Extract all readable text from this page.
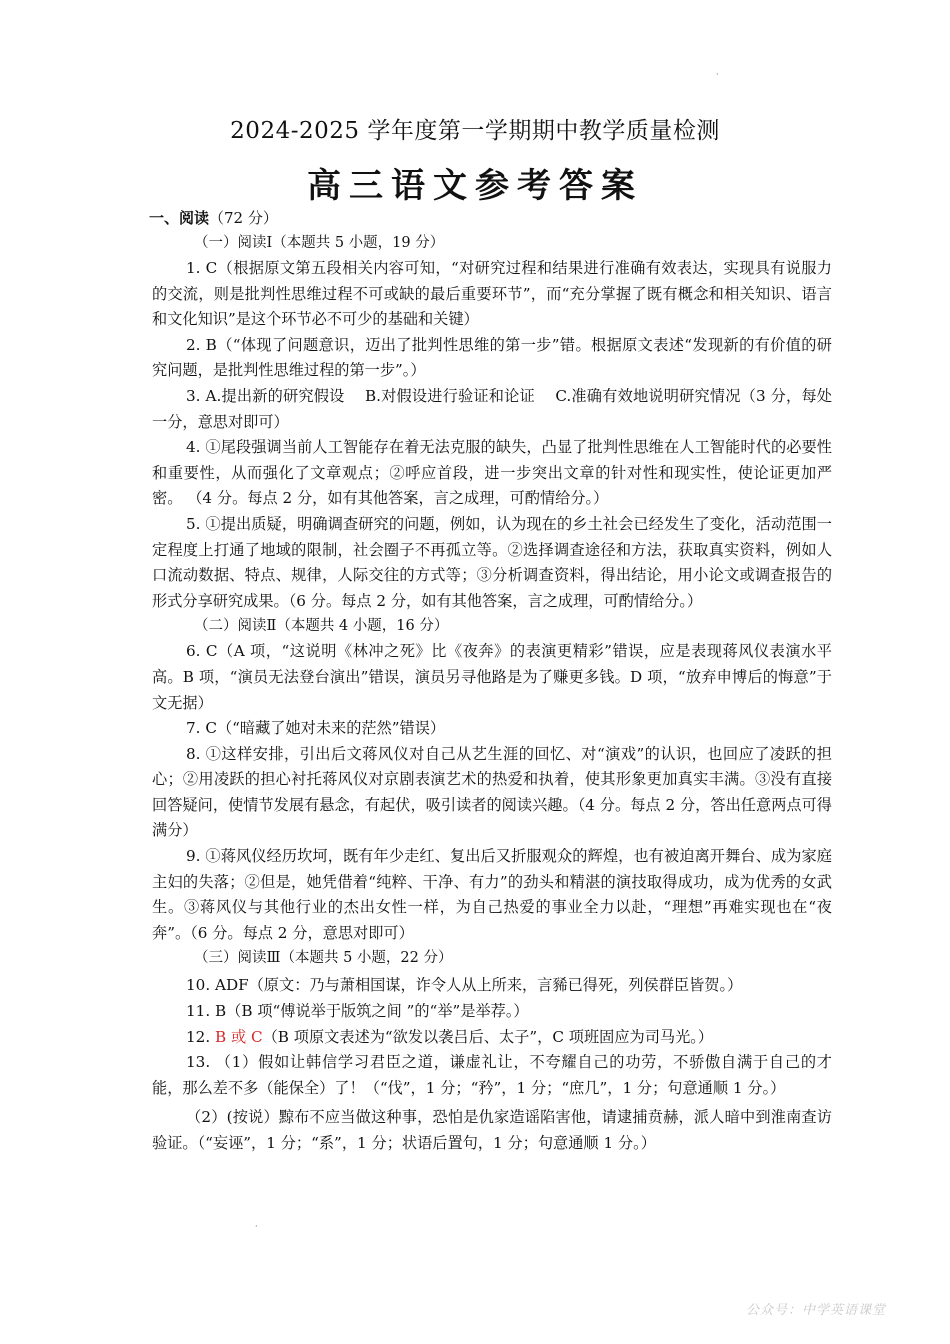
·
2024-2025 学年度第一学期期中教学质量检测
高三语文参考答案
一、阅读（72 分）
（一）阅读Ⅰ（本题共 5 小题，19 分）

1. C（根据原文第五段相关内容可知，“对研究过程和结果进行准确有效表达，实现具有说服力的交流，则是批判性思维过程不可或缺的最后重要环节”，而“充分掌握了既有概念和相关知识、语言和文化知识”是这个环节必不可少的基础和关键）

2. B（“体现了问题意识，迈出了批判性思维的第一步”错。根据原文表述“发现新的有价值的研究问题，是批判性思维过程的第一步”。）

3. A.提出新的研究假设　 B.对假设进行验证和论证　 C.准确有效地说明研究情况（3 分，每处一分，意思对即可）

4. ①尾段强调当前人工智能存在着无法克服的缺失，凸显了批判性思维在人工智能时代的必要性和重要性，从而强化了文章观点；②呼应首段，进一步突出文章的针对性和现实性，使论证更加严密。 （4 分。每点 2 分，如有其他答案，言之成理，可酌情给分。）

5. ①提出质疑，明确调查研究的问题，例如，认为现在的乡土社会已经发生了变化，活动范围一定程度上打通了地域的限制，社会圈子不再孤立等。②选择调查途径和方法，获取真实资料，例如人口流动数据、特点、规律，人际交往的方式等；③分析调查资料，得出结论，用小论文或调查报告的形式分享研究成果。（6 分。每点 2 分，如有其他答案，言之成理，可酌情给分。）

（二）阅读Ⅱ（本题共 4 小题，16 分）

6. C（A 项，“这说明《林冲之死》比《夜奔》的表演更精彩”错误，应是表现蒋风仪表演水平高。B 项，“演员无法登台演出”错误，演员另寻他路是为了赚更多钱。D 项，“放弃申博后的悔意”于文无据）

7. C（“暗藏了她对未来的茫然”错误）

8. ①这样安排，引出后文蒋风仪对自己从艺生涯的回忆、对“演戏”的认识，也回应了凌跃的担心；②用凌跃的担心衬托蒋风仪对京剧表演艺术的热爱和执着，使其形象更加真实丰满。③没有直接回答疑问，使情节发展有悬念，有起伏，吸引读者的阅读兴趣。（4 分。每点 2 分，答出任意两点可得满分）

9. ①蒋风仪经历坎坷，既有年少走红、复出后又折服观众的辉煌，也有被迫离开舞台、成为家庭主妇的失落；②但是，她凭借着“纯粹、干净、有力”的劲头和精湛的演技取得成功，成为优秀的女武生。③蒋风仪与其他行业的杰出女性一样，为自己热爱的事业全力以赴，“理想”再难实现也在“夜奔”。（6 分。每点 2 分，意思对即可）

（三）阅读Ⅲ（本题共 5 小题，22 分）

10. ADF（原文：乃与萧相国谋，诈令人从上所来，言豨已得死，列侯群臣皆贺。）

11. B（B 项“傅说举于版筑之间 ”的“举”是举荐。）

12. B 或 C（B 项原文表述为“欲发以袭吕后、太子”，C 项班固应为司马光。）

13. （1）假如让韩信学习君臣之道，谦虚礼让，不夸耀自己的功劳，不骄傲自满于自己的才能，那么差不多（能保全）了！（“伐”，1 分；“矜”，1 分；“庶几”，1 分；句意通顺 1 分。）

（2）(按说）黥布不应当做这种事，恐怕是仇家造谣陷害他，请逮捕贲赫，派人暗中到淮南查访验证。（“妄诬”，1 分；“系”，1 分；状语后置句，1 分；句意通顺 1 分。）

·
公众号：中学英语课堂
